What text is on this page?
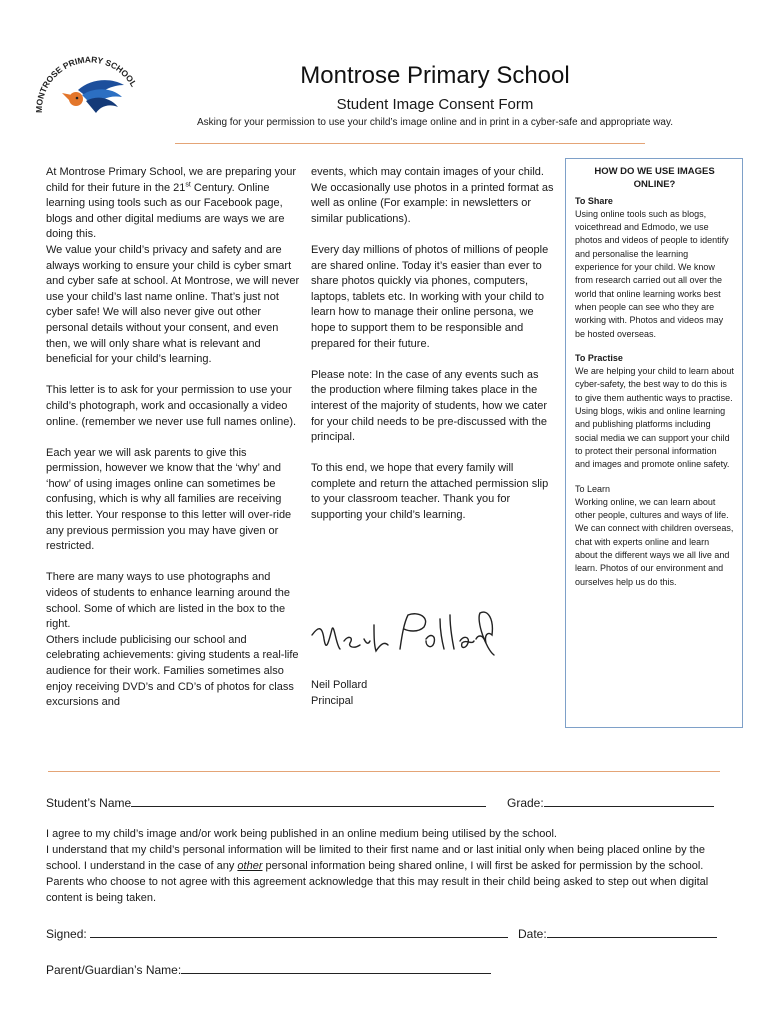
MONTROSE PRIMARY SCHOOL	Montrose Primary School
Student Image Consent Form
Asking for your permission to use your child’s image online and in print in a cyber-safe and appropriate way.

At Montrose Primary School, we are preparing your child for their future in the 21st Century. Online learning using tools such as our Facebook page, blogs and other digital mediums are ways we are doing this.

We value your child’s privacy and safety and are always working to ensure your child is cyber smart and cyber safe at school. At Montrose, we will never use your child’s last name online. That’s just not cyber safe! We will also never give out other personal details without your consent, and even then, we will only share what is relevant and beneficial for your child’s learning.

This letter is to ask for your permission to use your child’s photograph, work and occasionally a video online. (remember we never use full names online).

Each year we will ask parents to give this permission, however we know that the ‘why’ and ‘how’ of using images online can sometimes be confusing, which is why all families are receiving this letter. Your response to this letter will over-ride any previous permission you may have given or restricted.

There are many ways to use photographs and videos of students to enhance learning around the school. Some of which are listed in the box to the right.

Others include publicising our school and celebrating achievements: giving students a real-life audience for their work. Families sometimes also enjoy receiving DVD’s and CD’s of photos for class excursions and

events, which may contain images of your child. We occasionally use photos in a printed format as well as online (For example: in newsletters or similar publications).

Every day millions of photos of millions of people are shared online. Today it’s easier than ever to share photos quickly via phones, computers, laptops, tablets etc. In working with your child to learn how to manage their online persona, we hope to support them to be responsible and prepared for their future.

Please note: In the case of any events such as the production where filming takes place in the interest of the majority of students, how we cater for your child needs to be pre-discussed with the principal.

To this end, we hope that every family will complete and return the attached permission slip to your classroom teacher. Thank you for supporting your child’s learning.

Neil Pollard
Principal
HOW DO WE USE IMAGES ONLINE?
To Share
Using online tools such as blogs, voicethread and Edmodo, we use photos and videos of people to identify and personalise the learning experience for your child. We know from research carried out all over the world that online learning works best when people can see who they are working with. Photos and videos may be hosted overseas.
To Practise
We are helping your child to learn about cyber-safety, the best way to do this is to give them authentic ways to practise. Using blogs, wikis and online learning and publishing platforms including social media we can support your child to protect their personal information and images and promote online safety.
To Learn
Working online, we can learn about other people, cultures and ways of life. We can connect with children overseas, chat with experts online and learn about the different ways we all live and learn. Photos of our environment and ourselves help us do this.
Student’s Name	Grade:

I agree to my child’s image and/or work being published in an online medium being utilised by the school.

I understand that my child’s personal information will be limited to their first name and or last initial only when being placed online by the school. I understand in the case of any other personal information being shared online, I will first be asked for permission by the school. Parents who choose to not agree with this agreement acknowledge that this may result in their child being asked to step out when digital content is being taken.

Signed:	Date:
Parent/Guardian’s Name:
